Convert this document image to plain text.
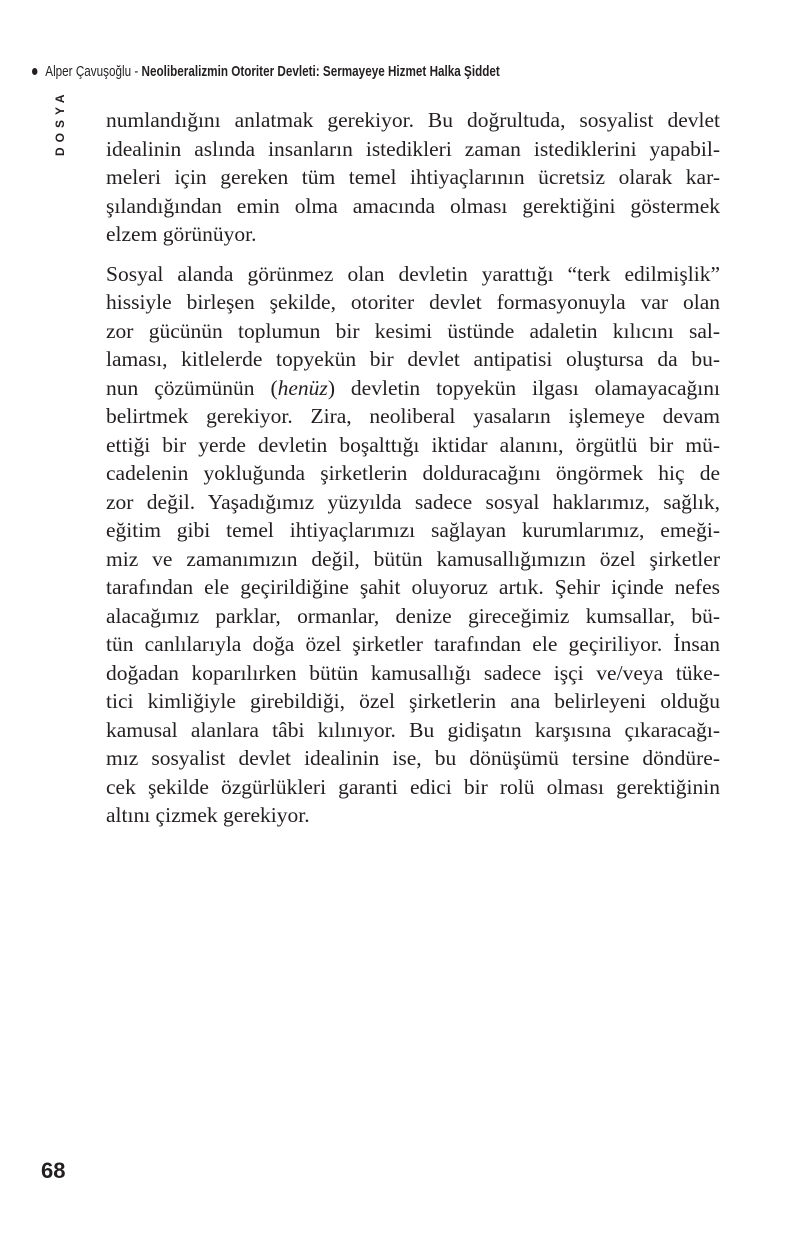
Alper Çavuşoğlu - Neoliberalizmin Otoriter Devleti: Sermayeye Hizmet Halka Şiddet
DOSYA numlandığını anlatmak gerekiyor. Bu doğrultuda, sosyalist devlet
idealinin aslında insanların istedikleri zaman istediklerini yapabil-
meleri için gereken tüm temel ihtiyaçlarının ücretsiz olarak kar-
şılandığından emin olma amacında olması gerektiğini göstermek
elzem görünüyor.
Sosyal alanda görünmez olan devletin yarattığı “terk edilmişlik”
hissiyle birleşen şekilde, otoriter devlet formasyonuyla var olan
zor gücünün toplumun bir kesimi üstünde adaletin kılıcını sal-
laması, kitlelerde topyekün bir devlet antipatisi oluştursa da bu-
nun çözümünün (henüz) devletin topyekün ilgası olamayacağını
belirtmek gerekiyor. Zira, neoliberal yasaların işlemeye devam
ettiği bir yerde devletin boşalttığı iktidar alanını, örgütlü bir mü-
cadelenin yokluğunda şirketlerin dolduracağını öngörmek hiç de
zor değil. Yaşadığımız yüzyılda sadece sosyal haklarımız, sağlık,
eğitim gibi temel ihtiyaçlarımızı sağlayan kurumlarımız, emeği-
miz ve zamanımızın değil, bütün kamusallığımızın özel şirketler
tarafından ele geçirildiğine şahit oluyoruz artık. Şehir içinde nefes
alacağımız parklar, ormanlar, denize gireceğimiz kumsallar, bü-
tün canlılarıyla doğa özel şirketler tarafından ele geçiriliyor. İnsan
doğadan koparılırken bütün kamusallığı sadece işçi ve/veya tüke-
tici kimliğiyle girebildiği, özel şirketlerin ana belirleyeni olduğu
kamusal alanlara tâbi kılınıyor. Bu gidişatın karşısına çıkaracağı-
mız sosyalist devlet idealinin ise, bu dönüşümü tersine döndüre-
cek şekilde özgürlükleri garanti edici bir rolü olması gerektiğinin
altını çizmek gerekiyor.
68
